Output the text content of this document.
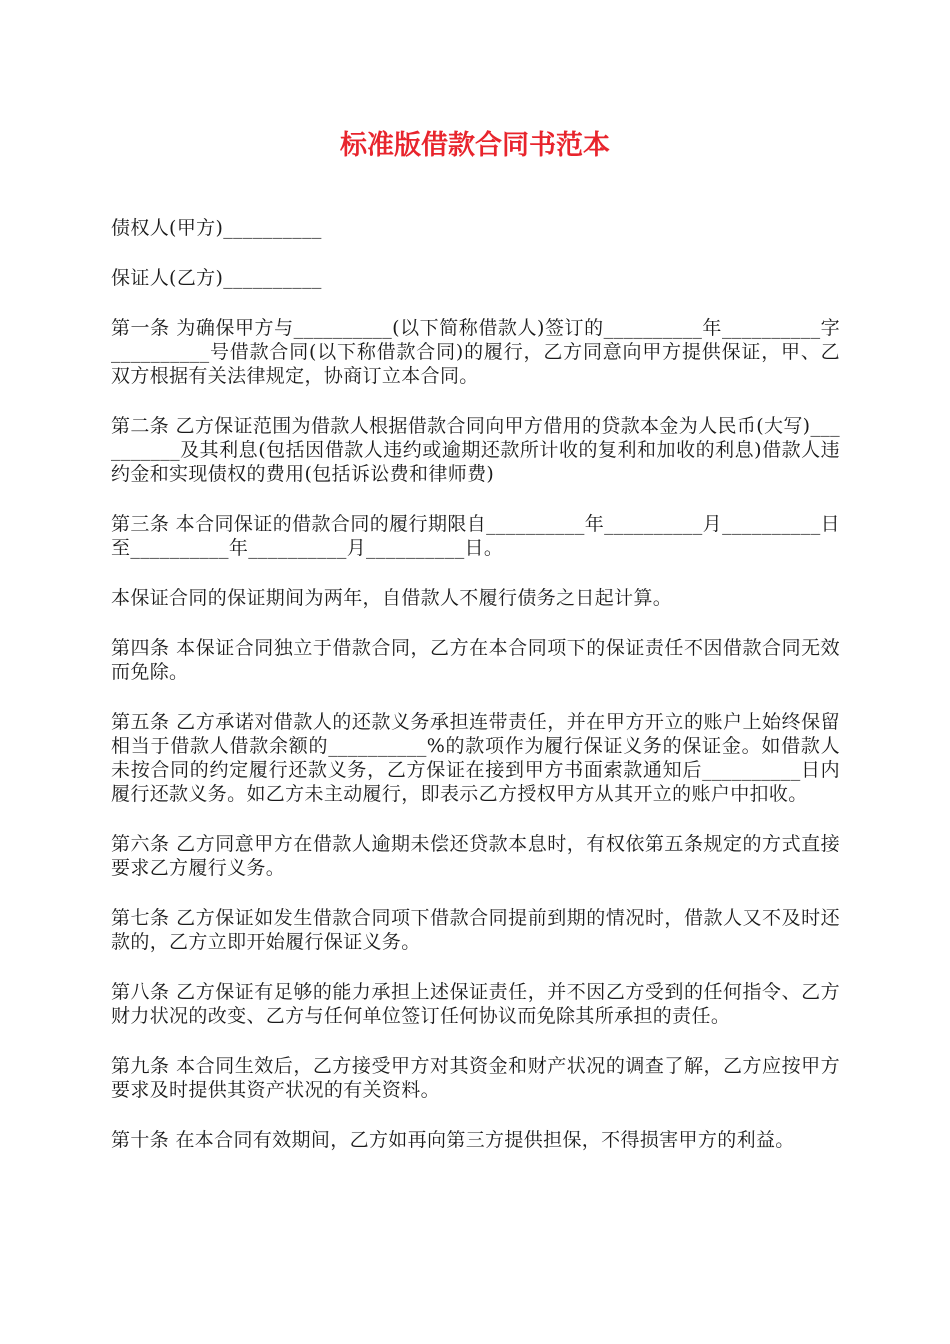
标准版借款合同书范本

债权人(甲方)__________

保证人(乙方)__________

第一条 为确保甲方与__________(以下简称借款人)签订的__________年__________字__________号借款合同(以下称借款合同)的履行，乙方同意向甲方提供保证，甲、乙双方根据有关法律规定，协商订立本合同。

第二条 乙方保证范围为借款人根据借款合同向甲方借用的贷款本金为人民币(大写)__________及其利息(包括因借款人违约或逾期还款所计收的复利和加收的利息)借款人违约金和实现债权的费用(包括诉讼费和律师费)

第三条 本合同保证的借款合同的履行期限自__________年__________月__________日至__________年__________月__________日。

本保证合同的保证期间为两年，自借款人不履行债务之日起计算。

第四条 本保证合同独立于借款合同，乙方在本合同项下的保证责任不因借款合同无效而免除。

第五条 乙方承诺对借款人的还款义务承担连带责任，并在甲方开立的账户上始终保留相当于借款人借款余额的__________%的款项作为履行保证义务的保证金。如借款人未按合同的约定履行还款义务，乙方保证在接到甲方书面索款通知后__________日内履行还款义务。如乙方未主动履行，即表示乙方授权甲方从其开立的账户中扣收。

第六条 乙方同意甲方在借款人逾期未偿还贷款本息时，有权依第五条规定的方式直接要求乙方履行义务。

第七条 乙方保证如发生借款合同项下借款合同提前到期的情况时，借款人又不及时还款的，乙方立即开始履行保证义务。

第八条 乙方保证有足够的能力承担上述保证责任，并不因乙方受到的任何指令、乙方财力状况的改变、乙方与任何单位签订任何协议而免除其所承担的责任。

第九条 本合同生效后，乙方接受甲方对其资金和财产状况的调查了解，乙方应按甲方要求及时提供其资产状况的有关资料。

第十条 在本合同有效期间，乙方如再向第三方提供担保，不得损害甲方的利益。
